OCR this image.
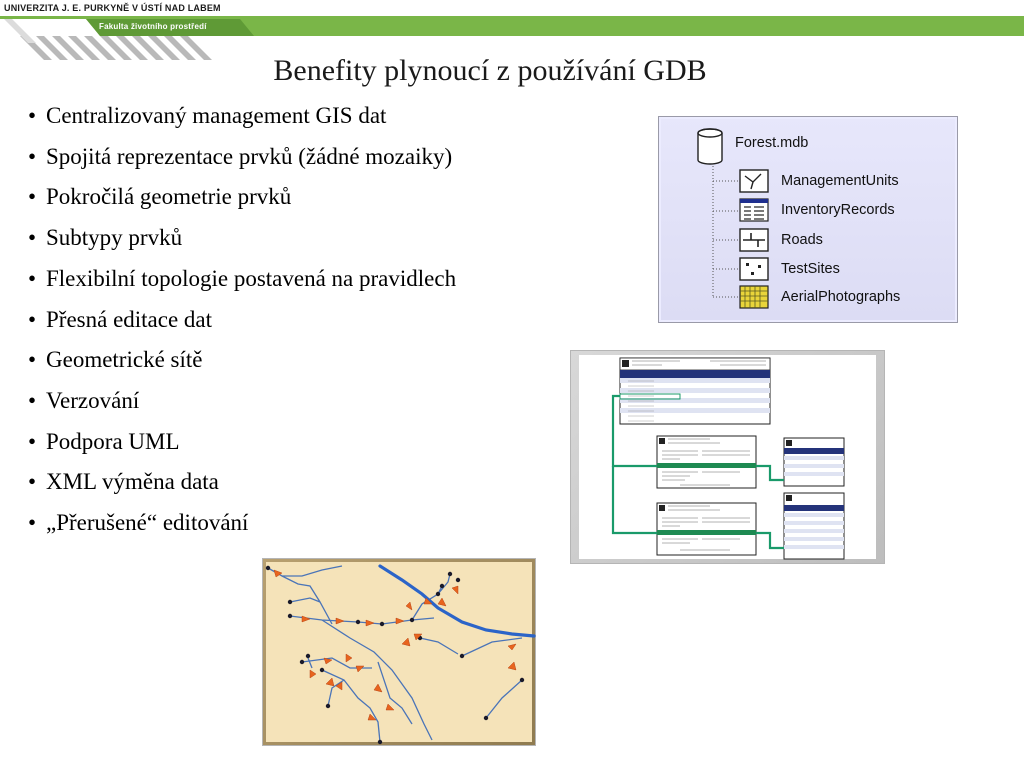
UNIVERZITA J. E. PURKYNĚ V ÚSTÍ NAD LABEM
Fakulta životního prostředí
Benefity plynoucí z používání GDB
• Centralizovaný management GIS dat
• Spojitá reprezentace prvků (žádné mozaiky)
• Pokročilá geometrie prvků
• Subtypy prvků
• Flexibilní topologie postavená na pravidlech
• Přesná editace dat
• Geometrické sítě
• Verzování
• Podpora UML
• XML výměna data
• „Přerušené“ editování
Forest.mdb
ManagementUnits
InventoryRecords
Roads
TestSites
AerialPhotographs
